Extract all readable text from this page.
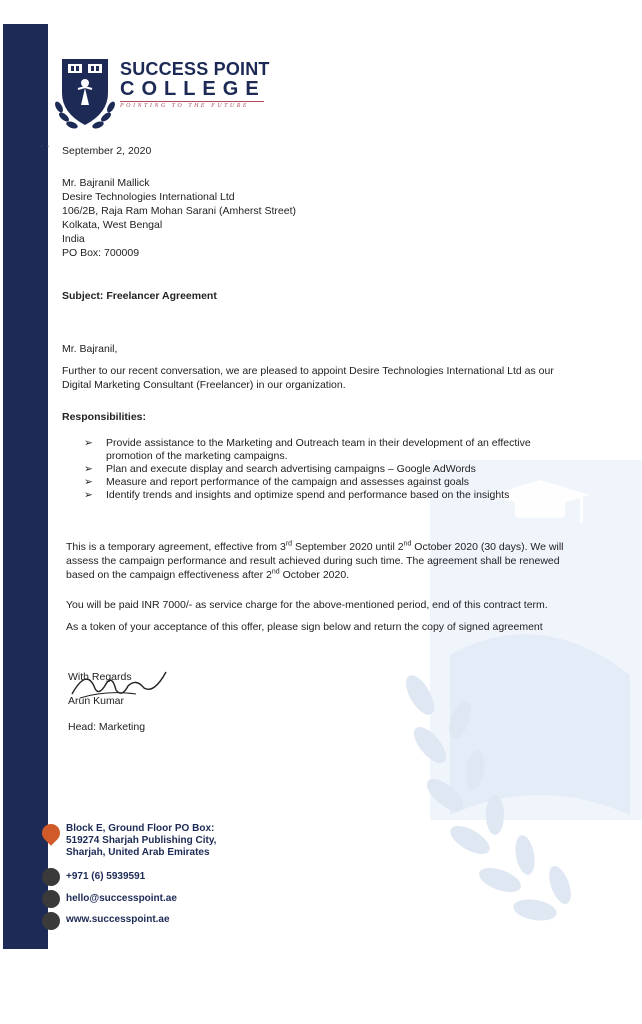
SUCCESS POINT
COLLEGE
POINTING TO THE FUTURE
· · September 2, 2020
Mr. Bajranil Mallick
Desire Technologies International Ltd
106/2B, Raja Ram Mohan Sarani (Amherst Street)
Kolkata, West Bengal
India
PO Box: 700009
Subject: Freelancer Agreement
Mr. Bajranil,
Further to our recent conversation, we are pleased to appoint Desire Technologies International Ltd as our
Digital Marketing Consultant (Freelancer) in our organization.
Responsibilities:
➢ Provide assistance to the Marketing and Outreach team in their development of an effective
promotion of the marketing campaigns.
➢ Plan and execute display and search advertising campaigns – Google AdWords
➢ Measure and report performance of the campaign and assesses against goals
➢ Identify trends and insights and optimize spend and performance based on the insights
This is a temporary agreement, effective from 3rd September 2020 until 2nd October 2020 (30 days). We will
assess the campaign performance and result achieved during such time. The agreement shall be renewed
based on the campaign effectiveness after 2nd October 2020.
You will be paid INR 7000/- as service charge for the above-mentioned period, end of this contract term.
As a token of your acceptance of this offer, please sign below and return the copy of signed agreement
With Regards
Arun Kumar
Head: Marketing
Block E, Ground Floor PO Box:
519274 Sharjah Publishing City,
Sharjah, United Arab Emirates
+971 (6) 5939591
hello@successpoint.ae
www.successpoint.ae
